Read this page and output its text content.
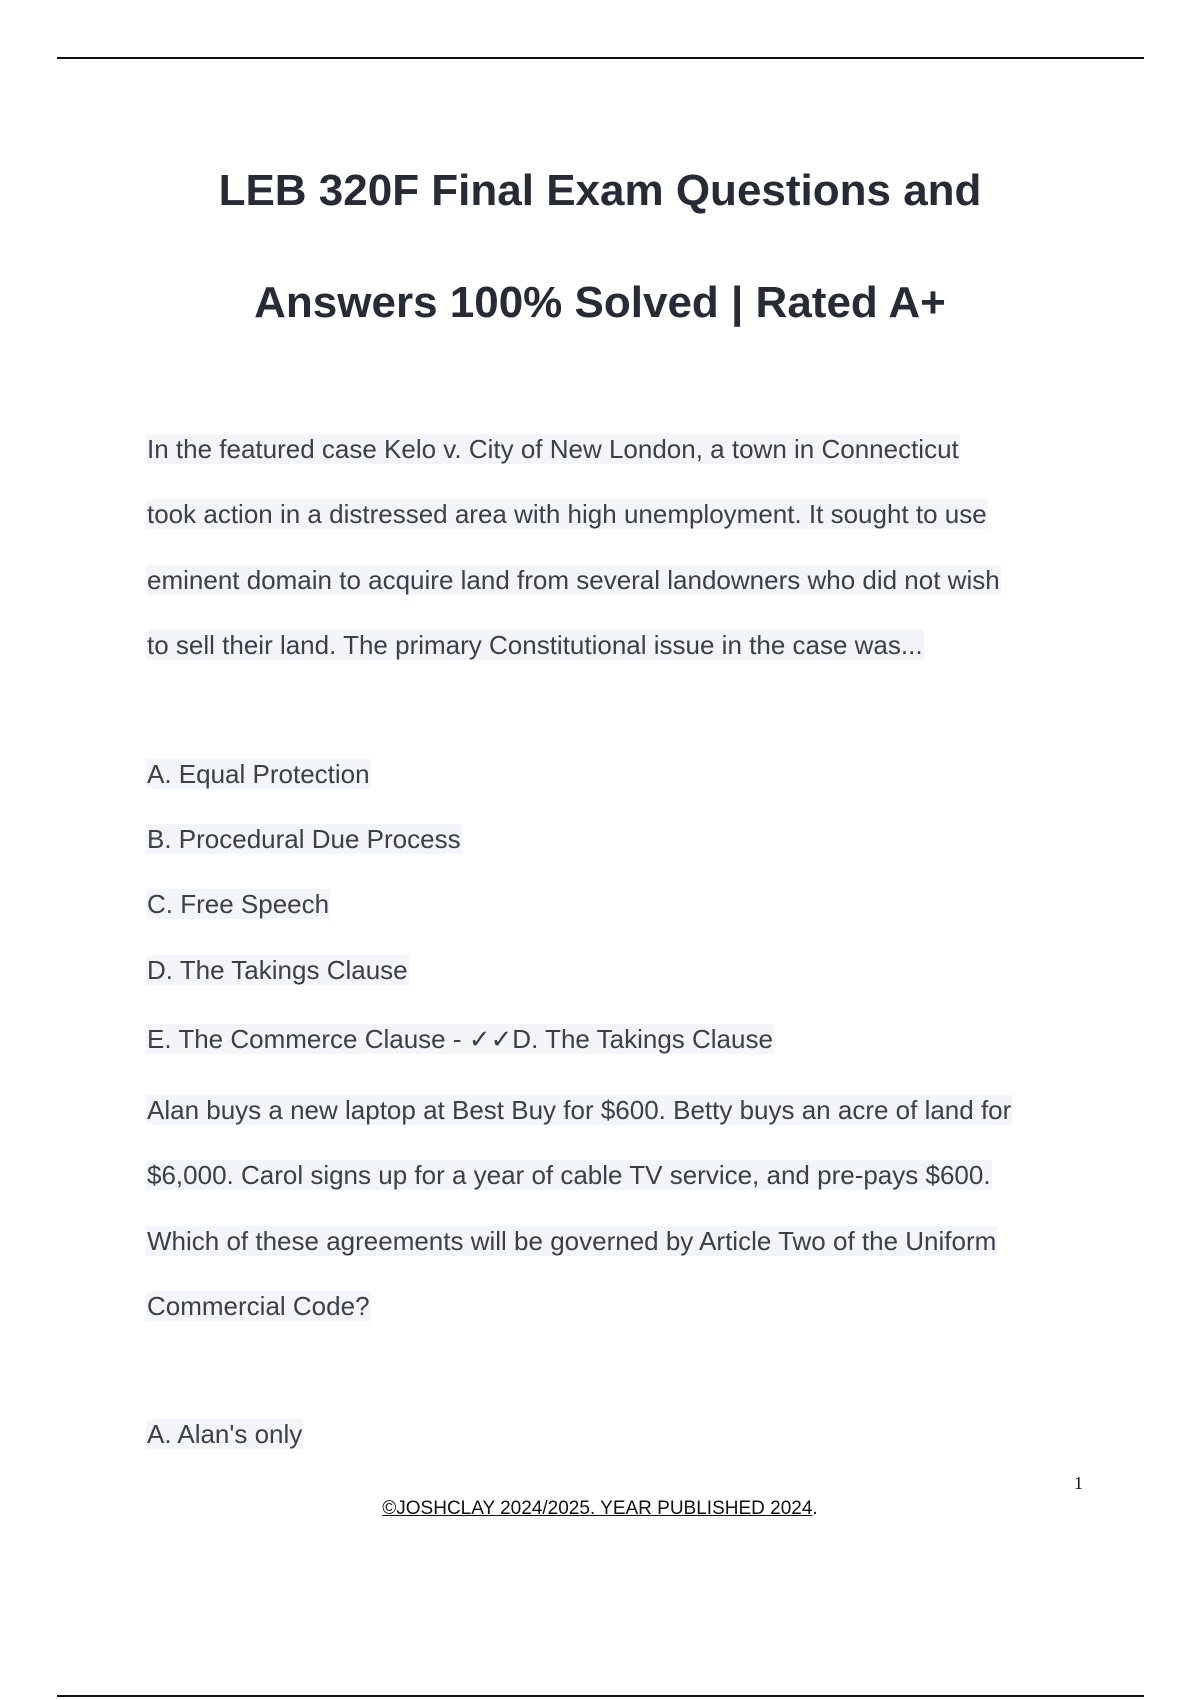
LEB 320F Final Exam Questions and
Answers 100% Solved | Rated A+
In the featured case Kelo v. City of New London, a town in Connecticut
took action in a distressed area with high unemployment. It sought to use
eminent domain to acquire land from several landowners who did not wish
to sell their land. The primary Constitutional issue in the case was...
A. Equal Protection
B. Procedural Due Process
C. Free Speech
D. The Takings Clause
E. The Commerce Clause - ✓✓D. The Takings Clause
Alan buys a new laptop at Best Buy for $600. Betty buys an acre of land for
$6,000. Carol signs up for a year of cable TV service, and pre-pays $600.
Which of these agreements will be governed by Article Two of the Uniform
Commercial Code?
A. Alan's only
1
©JOSHCLAY 2024/2025. YEAR PUBLISHED 2024.
